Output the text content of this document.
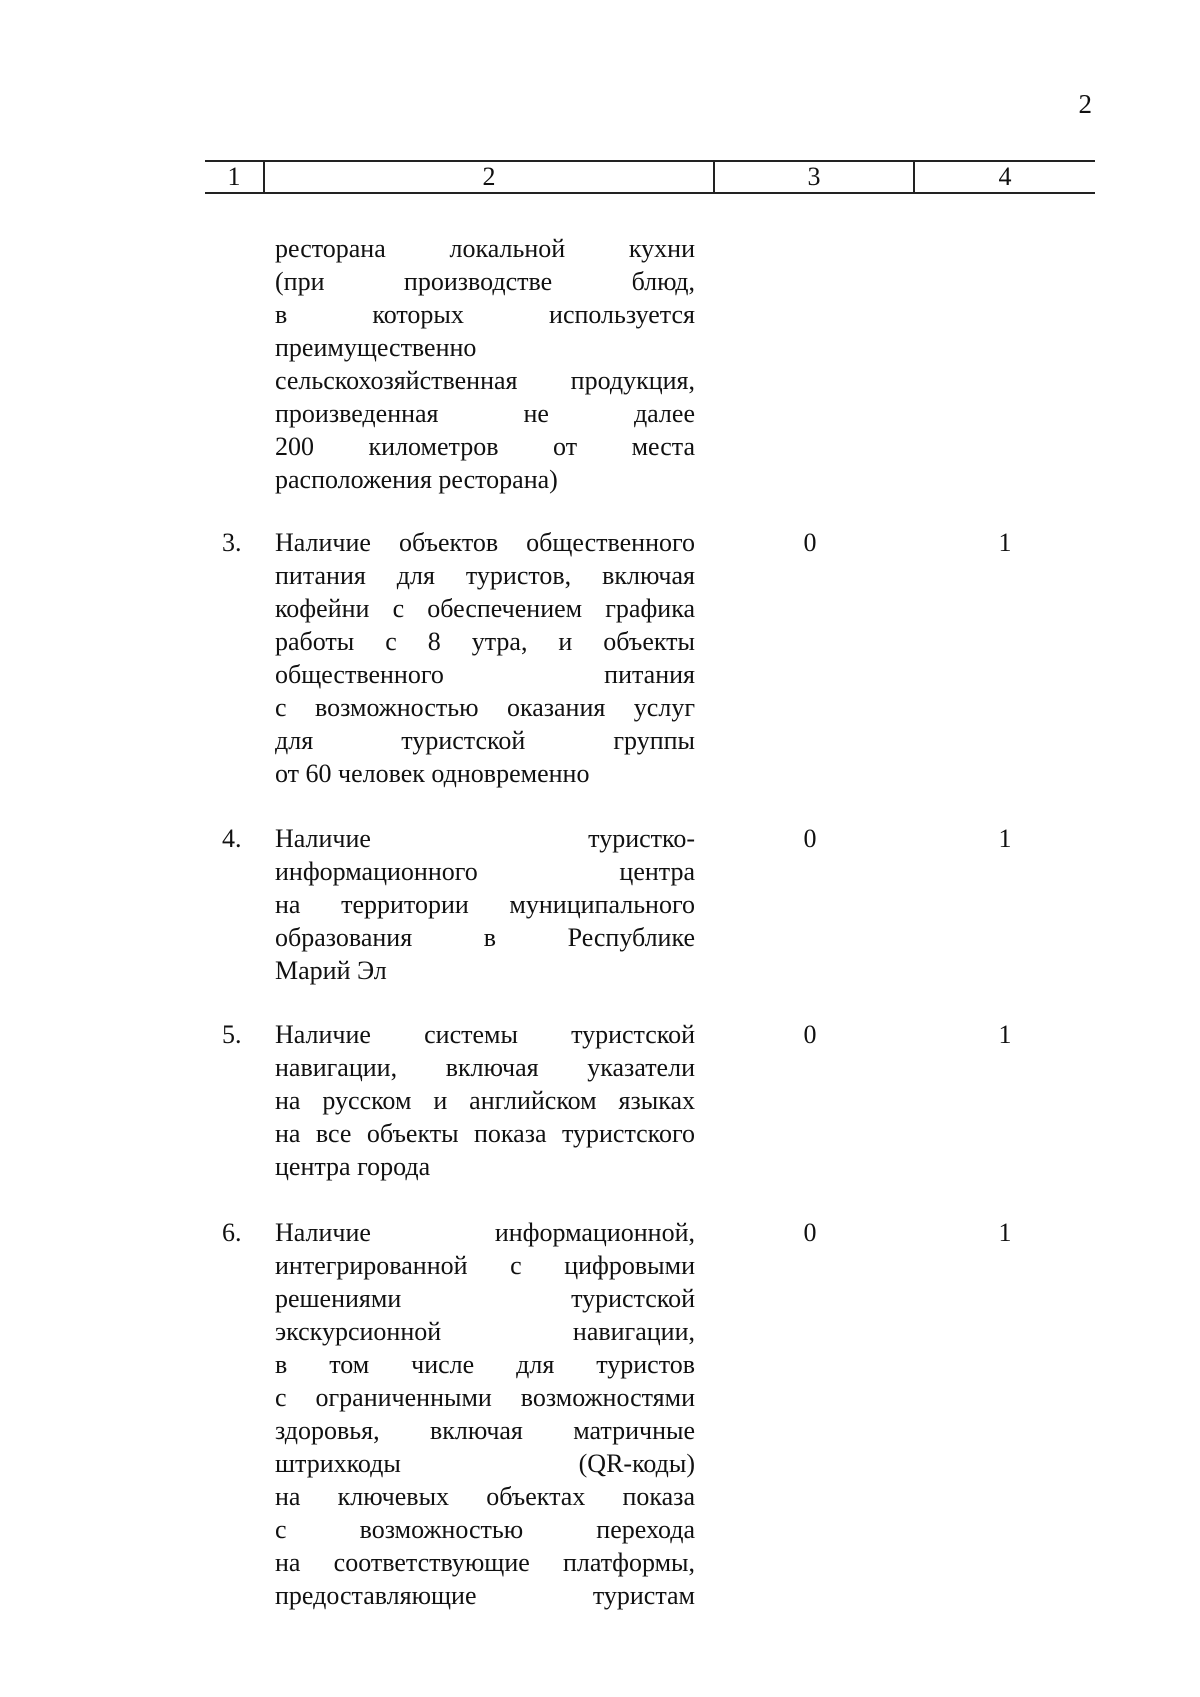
2
1	2	3	4
ресторана локальной кухни
(при производстве блюд,
в которых используется
преимущественно
сельскохозяйственная продукция,
произведенная не далее
200 километров от места
расположения ресторана)
3.	Наличие объектов общественного
питания для туристов, включая
кофейни с обеспечением графика
работы с 8 утра, и объекты
общественного питания
с возможностью оказания услуг
для туристской группы
от 60 человек одновременно
0	1
4.	Наличие туристко-
информационного центра
на территории муниципального
образования в Республике
Марий Эл
0	1
5.	Наличие системы туристской
навигации, включая указатели
на русском и английском языках
на все объекты показа туристского
центра города
0	1
6.	Наличие информационной,
интегрированной с цифровыми
решениями туристской
экскурсионной навигации,
в том числе для туристов
с ограниченными возможностями
здоровья, включая матричные
штрихкоды (QR-коды)
на ключевых объектах показа
с возможностью перехода
на соответствующие платформы,
предоставляющие туристам
0	1
